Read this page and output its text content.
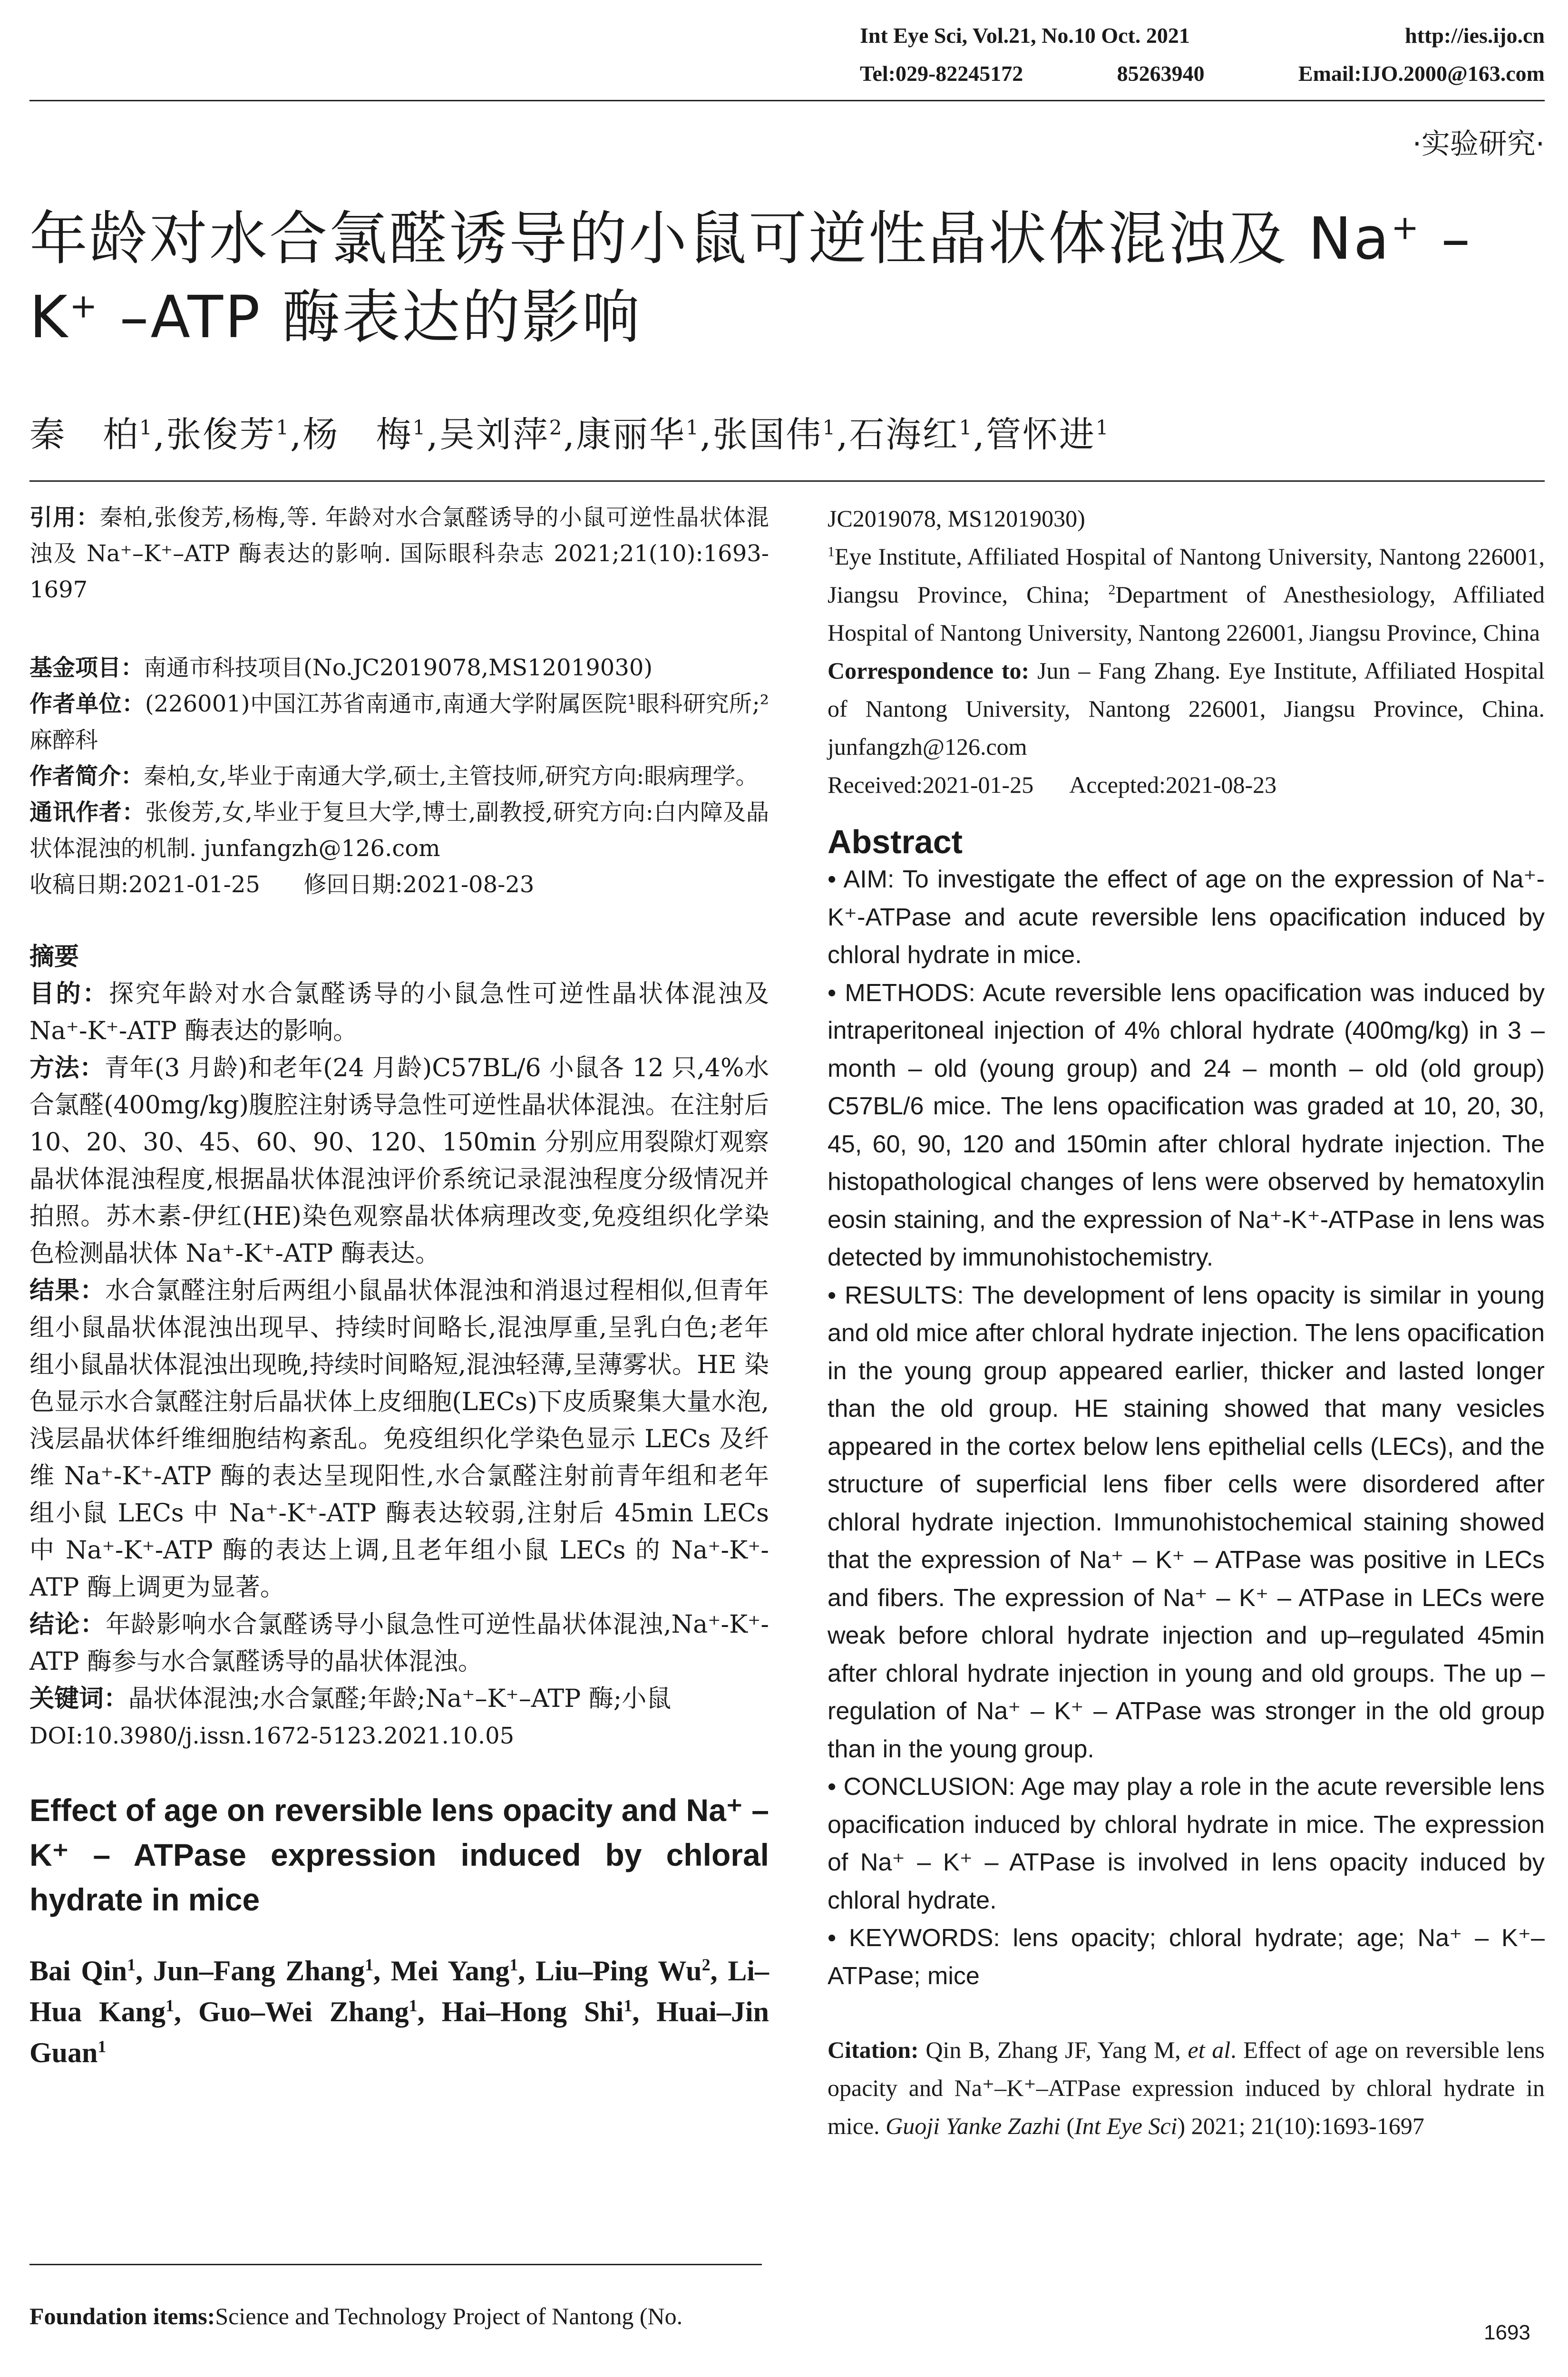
Int Eye Sci, Vol.21, No.10 Oct. 2021	http://ies.ijo.cn
Tel:029-82245172	85263940	Email:IJO.2000@163.com
·实验研究·
年龄对水合氯醛诱导的小鼠可逆性晶状体混浊及 Na+ –
K+ –ATP 酶表达的影响
秦　柏$^1$,张俊芳$^1$,杨　梅$^1$,吴刘萍$^2$,康丽华$^1$,张国伟$^1$,石海红$^1$,管怀进$^1$

引用：秦柏,张俊芳,杨梅,等. 年龄对水合氯醛诱导的小鼠可逆性晶状体混浊及 Na⁺–K⁺–ATP 酶表达的影响. 国际眼科杂志 2021;21(10):1693-1697

基金项目：南通市科技项目(No.JC2019078,MS12019030)

作者单位：(226001)中国江苏省南通市,南通大学附属医院¹眼科研究所;²麻醉科

作者简介：秦柏,女,毕业于南通大学,硕士,主管技师,研究方向:眼病理学。

通讯作者：张俊芳,女,毕业于复旦大学,博士,副教授,研究方向:白内障及晶状体混浊的机制. junfangzh@126.com

收稿日期:2021-01-25 修回日期:2021-08-23

摘要

目的：探究年龄对水合氯醛诱导的小鼠急性可逆性晶状体混浊及 Na⁺-K⁺-ATP 酶表达的影响。

方法：青年(3 月龄)和老年(24 月龄)C57BL/6 小鼠各 12 只,4%水合氯醛(400mg/kg)腹腔注射诱导急性可逆性晶状体混浊。在注射后 10、20、30、45、60、90、120、150min 分别应用裂隙灯观察晶状体混浊程度,根据晶状体混浊评价系统记录混浊程度分级情况并拍照。苏木素-伊红(HE)染色观察晶状体病理改变,免疫组织化学染色检测晶状体 Na⁺-K⁺-ATP 酶表达。

结果：水合氯醛注射后两组小鼠晶状体混浊和消退过程相似,但青年组小鼠晶状体混浊出现早、持续时间略长,混浊厚重,呈乳白色;老年组小鼠晶状体混浊出现晚,持续时间略短,混浊轻薄,呈薄雾状。HE 染色显示水合氯醛注射后晶状体上皮细胞(LECs)下皮质聚集大量水泡,浅层晶状体纤维细胞结构紊乱。免疫组织化学染色显示 LECs 及纤维 Na⁺-K⁺-ATP 酶的表达呈现阳性,水合氯醛注射前青年组和老年组小鼠 LECs 中 Na⁺-K⁺-ATP 酶表达较弱,注射后 45min LECs 中 Na⁺-K⁺-ATP 酶的表达上调,且老年组小鼠 LECs 的 Na⁺-K⁺-ATP 酶上调更为显著。

结论：年龄影响水合氯醛诱导小鼠急性可逆性晶状体混浊,Na⁺-K⁺-ATP 酶参与水合氯醛诱导的晶状体混浊。

关键词：晶状体混浊;水合氯醛;年龄;Na⁺–K⁺–ATP 酶;小鼠

DOI:10.3980/j.issn.1672-5123.2021.10.05

Effect of age on reversible lens opacity and Na⁺ – K⁺ – ATPase expression induced by chloral hydrate in mice

Bai Qin$^1$, Jun–Fang Zhang$^1$, Mei Yang$^1$, Liu–Ping Wu$^2$, Li–Hua Kang$^1$, Guo–Wei Zhang$^1$, Hai–Hong Shi$^1$, Huai–Jin Guan$^1$

Foundation items:Science and Technology Project of Nantong (No.

JC2019078, MS12019030)

$^1$Eye Institute, Affiliated Hospital of Nantong University, Nantong 226001, Jiangsu Province, China; $^2$Department of Anesthesiology, Affiliated Hospital of Nantong University, Nantong 226001, Jiangsu Province, China

Correspondence to: Jun – Fang Zhang. Eye Institute, Affiliated Hospital of Nantong University, Nantong 226001, Jiangsu Province, China. junfangzh@126.com

Received:2021-01-25 Accepted:2021-08-23

Abstract

• AIM: To investigate the effect of age on the expression of Na⁺-K⁺-ATPase and acute reversible lens opacification induced by chloral hydrate in mice.

• METHODS: Acute reversible lens opacification was induced by intraperitoneal injection of 4% chloral hydrate (400mg/kg) in 3 – month – old (young group) and 24 – month – old (old group) C57BL/6 mice. The lens opacification was graded at 10, 20, 30, 45, 60, 90, 120 and 150min after chloral hydrate injection. The histopathological changes of lens were observed by hematoxylin eosin staining, and the expression of Na⁺-K⁺-ATPase in lens was detected by immunohistochemistry.

• RESULTS: The development of lens opacity is similar in young and old mice after chloral hydrate injection. The lens opacification in the young group appeared earlier, thicker and lasted longer than the old group. HE staining showed that many vesicles appeared in the cortex below lens epithelial cells (LECs), and the structure of superficial lens fiber cells were disordered after chloral hydrate injection. Immunohistochemical staining showed that the expression of Na⁺ – K⁺ – ATPase was positive in LECs and fibers. The expression of Na⁺ – K⁺ – ATPase in LECs were weak before chloral hydrate injection and up–regulated 45min after chloral hydrate injection in young and old groups. The up – regulation of Na⁺ – K⁺ – ATPase was stronger in the old group than in the young group.

• CONCLUSION: Age may play a role in the acute reversible lens opacification induced by chloral hydrate in mice. The expression of Na⁺ – K⁺ – ATPase is involved in lens opacity induced by chloral hydrate.

• KEYWORDS: lens opacity; chloral hydrate; age; Na⁺ – K⁺–ATPase; mice

Citation: Qin B, Zhang JF, Yang M, et al. Effect of age on reversible lens opacity and Na⁺–K⁺–ATPase expression induced by chloral hydrate in mice. Guoji Yanke Zazhi (Int Eye Sci) 2021; 21(10):1693-1697

1693
